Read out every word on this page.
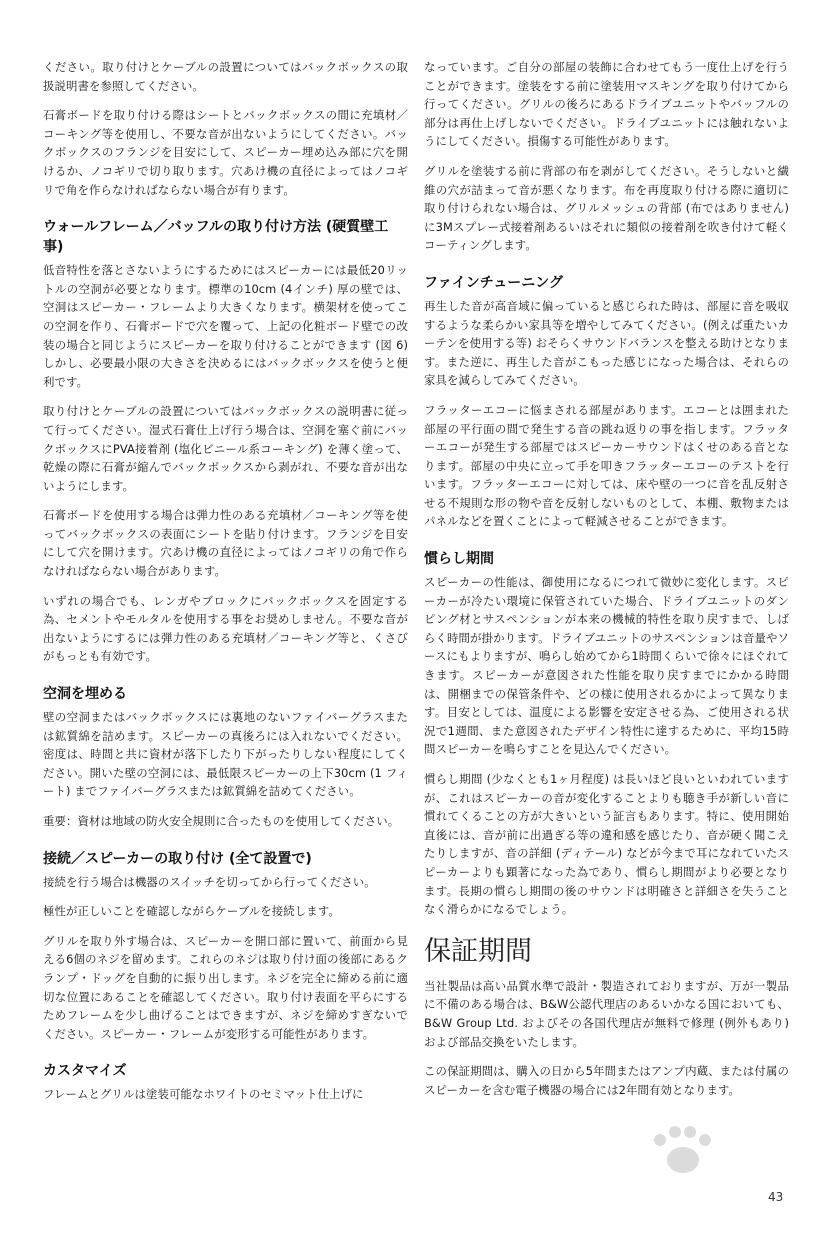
ください。取り付けとケーブルの設置についてはバックボックスの取扱説明書を参照してください。

石膏ボードを取り付ける際はシートとバックボックスの間に充填材／コーキング等を使用し、不要な音が出ないようにしてください。バックボックスのフランジを目安にして、スピーカー埋め込み部に穴を開けるか、ノコギリで切り取ります。穴あけ機の直径によってはノコギリで角を作らなければならない場合が有ります。

ウォールフレーム／バッフルの取り付け方法 (硬質壁工事)

低音特性を落とさないようにするためにはスピーカーには最低20リットルの空洞が必要となります。標準の10cm (4インチ) 厚の壁では、空洞はスピーカー・フレームより大きくなります。横架材を使ってこの空洞を作り、石膏ボードで穴を覆って、上記の化粧ボード壁での改装の場合と同じようにスピーカーを取り付けることができます (図 6) しかし、必要最小限の大きさを決めるにはバックボックスを使うと便利です。

取り付けとケーブルの設置についてはバックボックスの説明書に従って行ってください。湿式石膏仕上げ行う場合は、空洞を塞ぐ前にバックボックスにPVA接着剤 (塩化ビニール系コーキング) を薄く塗って、乾燥の際に石膏が縮んでバックボックスから剥がれ、不要な音が出ないようにします。

石膏ボードを使用する場合は弾力性のある充填材／コーキング等を使ってバックボックスの表面にシートを貼り付けます。フランジを目安にして穴を開けます。穴あけ機の直径によってはノコギリの角で作らなければならない場合があります。

いずれの場合でも、レンガやブロックにバックボックスを固定する為、セメントやモルタルを使用する事をお奨めしません。不要な音が出ないようにするには弾力性のある充填材／コーキング等と、くさびがもっとも有効です。

空洞を埋める

壁の空洞またはバックボックスには裏地のないファイバーグラスまたは鉱質綿を詰めます。スピーカーの真後ろには入れないでください。密度は、時間と共に資材が落下したり下がったりしない程度にしてください。開いた壁の空洞には、最低限スピーカーの上下30cm (1 フィート) までファイバーグラスまたは鉱質綿を詰めてください。

重要：資材は地域の防火安全規則に合ったものを使用してください。

接続／スピーカーの取り付け (全て設置で)

接続を行う場合は機器のスイッチを切ってから行ってください。

極性が正しいことを確認しながらケーブルを接続します。

グリルを取り外す場合は、スピーカーを開口部に置いて、前面から見える6個のネジを留めます。これらのネジは取り付け面の後部にあるクランプ・ドッグを自動的に振り出します。ネジを完全に締める前に適切な位置にあることを確認してください。取り付け表面を平らにするためフレームを少し曲げることはできますが、ネジを締めすぎないでください。スピーカー・フレームが変形する可能性があります。

カスタマイズ

フレームとグリルは塗装可能なホワイトのセミマット仕上げに

なっています。ご自分の部屋の装飾に合わせてもう一度仕上げを行うことができます。塗装をする前に塗装用マスキングを取り付けてから行ってください。グリルの後ろにあるドライブユニットやバッフルの部分は再仕上げしないでください。ドライブユニットには触れないようにしてください。損傷する可能性があります。

グリルを塗装する前に背部の布を剥がしてください。そうしないと繊維の穴が詰まって音が悪くなります。布を再度取り付ける際に適切に取り付けられない場合は、グリルメッシュの背部 (布ではありません) に3Mスプレー式接着剤あるいはそれに類似の接着剤を吹き付けて軽くコーティングします。

ファインチューニング

再生した音が高音域に偏っていると感じられた時は、部屋に音を吸収するような柔らかい家具等を増やしてみてください。(例えば重たいカーテンを使用する等) おそらくサウンドバランスを整える助けとなります。また逆に、再生した音がこもった感じになった場合は、それらの家具を減らしてみてください。

フラッターエコーに悩まされる部屋があります。エコーとは囲まれた部屋の平行面の間で発生する音の跳ね返りの事を指します。フラッターエコーが発生する部屋ではスピーカーサウンドはくせのある音となります。部屋の中央に立って手を叩きフラッターエコーのテストを行います。フラッターエコーに対しては、床や壁の一つに音を乱反射させる不規則な形の物や音を反射しないものとして、本棚、敷物またはパネルなどを置くことによって軽減させることができます。

慣らし期間

スピーカーの性能は、御使用になるにつれて微妙に変化します。スピーカーが冷たい環境に保管されていた場合、ドライブユニットのダンピング材とサスペンションが本来の機械的特性を取り戻すまで、しばらく時間が掛かります。ドライブユニットのサスペンションは音量やソースにもよりますが、鳴らし始めてから1時間くらいで徐々にほぐれてきます。スピーカーが意図された性能を取り戻すまでにかかる時間は、開梱までの保管条件や、どの様に使用されるかによって異なります。目安としては、温度による影響を安定させる為、ご使用される状況で1週間、また意図されたデザイン特性に達するために、平均15時間スピーカーを鳴らすことを見込んでください。

慣らし期間 (少なくとも1ヶ月程度) は長いほど良いといわれていますが、これはスピーカーの音が変化することよりも聴き手が新しい音に慣れてくることの方が大きいという証言もあります。特に、使用開始直後には、音が前に出過ぎる等の違和感を感じたり、音が硬く聞こえたりしますが、音の詳細 (ディテール) などが今まで耳になれていたスピーカーよりも顕著になった為であり、慣らし期間がより必要となります。長期の慣らし期間の後のサウンドは明確さと詳細さを失うことなく滑らかになるでしょう。

保証期間

当社製品は高い品質水準で設計・製造されておりますが、万が一製品に不備のある場合は、B&W公認代理店のあるいかなる国においても、B&W Group Ltd. およびその各国代理店が無料で修理 (例外もあり) および部品交換をいたします。

この保証期間は、購入の日から5年間またはアンプ内蔵、または付属のスピーカーを含む電子機器の場合には2年間有効となります。

43
